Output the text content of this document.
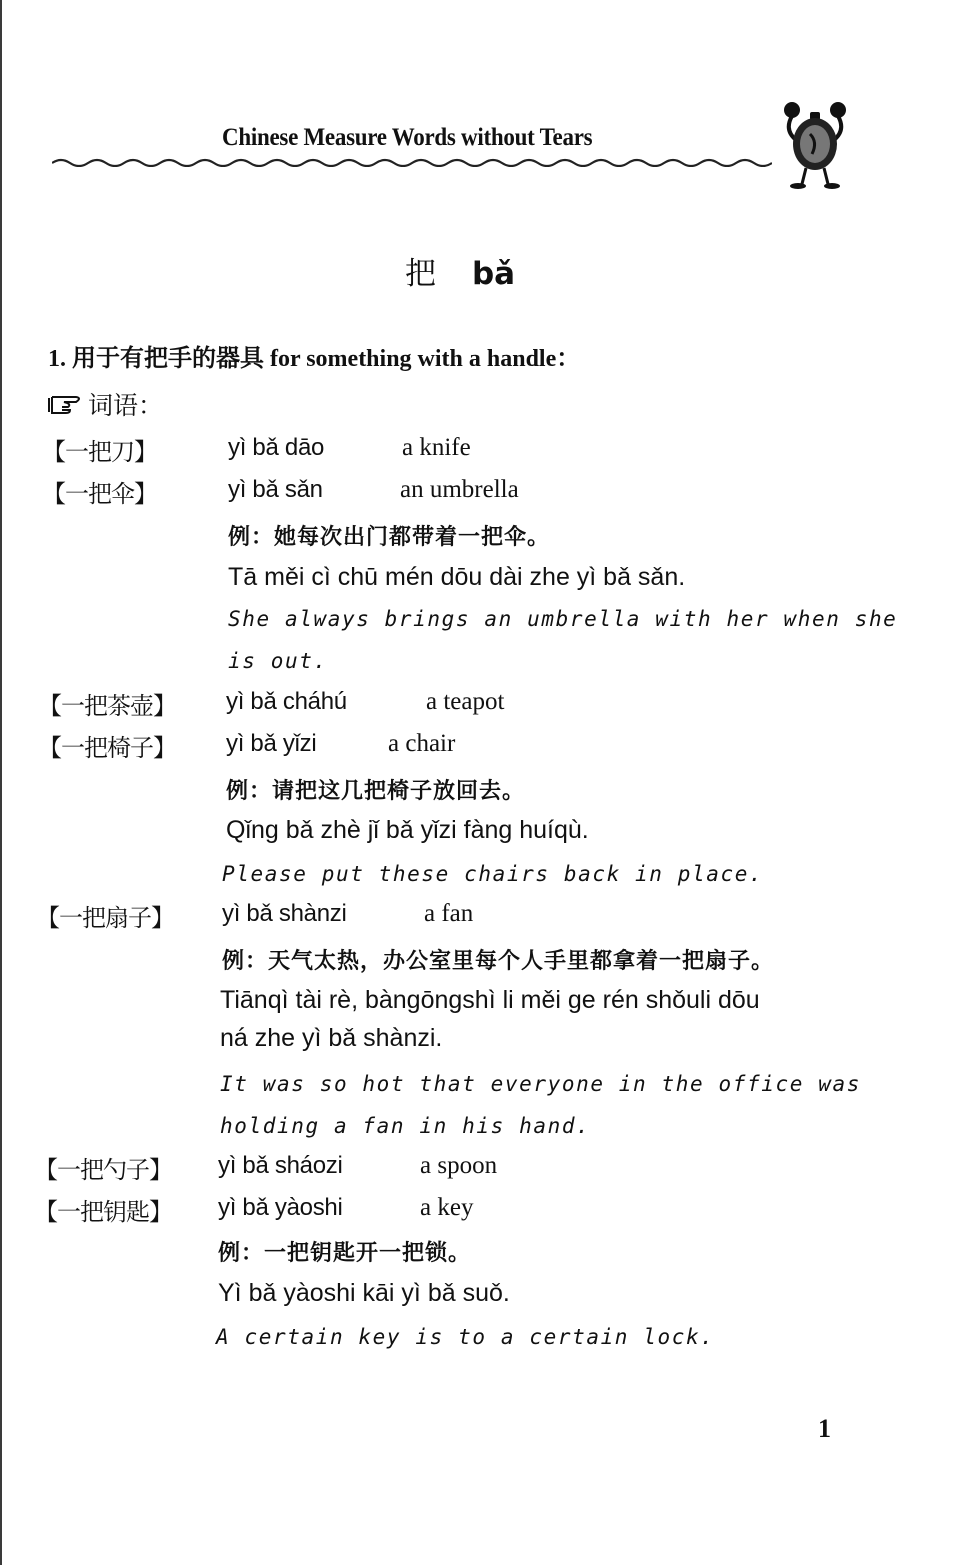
Chinese Measure Words without Tears
把 bǎ
1. 用于有把手的器具 for something with a handle：
词语：
【一把刀】	yì bǎ dāo	a knife
【一把伞】	yì bǎ sǎn	an umbrella
例：她每次出门都带着一把伞。
Tā měi cì chū mén dōu dài zhe yì bǎ sǎn.
She always brings an umbrella with her when she
is out.
【一把茶壶】 yì bǎ cháhú	a teapot
【一把椅子】 yì bǎ yǐzi	a chair
例：请把这几把椅子放回去。
Qǐng bǎ zhè jǐ bǎ yǐzi fàng huíqù.
Please put these chairs back in place.
【一把扇子】 yì bǎ shànzi	a fan
例：天气太热，办公室里每个人手里都拿着一把扇子。
Tiānqì tài rè, bàngōngshì li měi ge rén shǒuli dōu
ná zhe yì bǎ shànzi.
It was so hot that everyone in the office was
holding a fan in his hand.
【一把勺子】 yì bǎ sháozi	a spoon
【一把钥匙】 yì bǎ yàoshi	a key
例：一把钥匙开一把锁。
Yì bǎ yàoshi kāi yì bǎ suǒ.
A certain key is to a certain lock.
1
